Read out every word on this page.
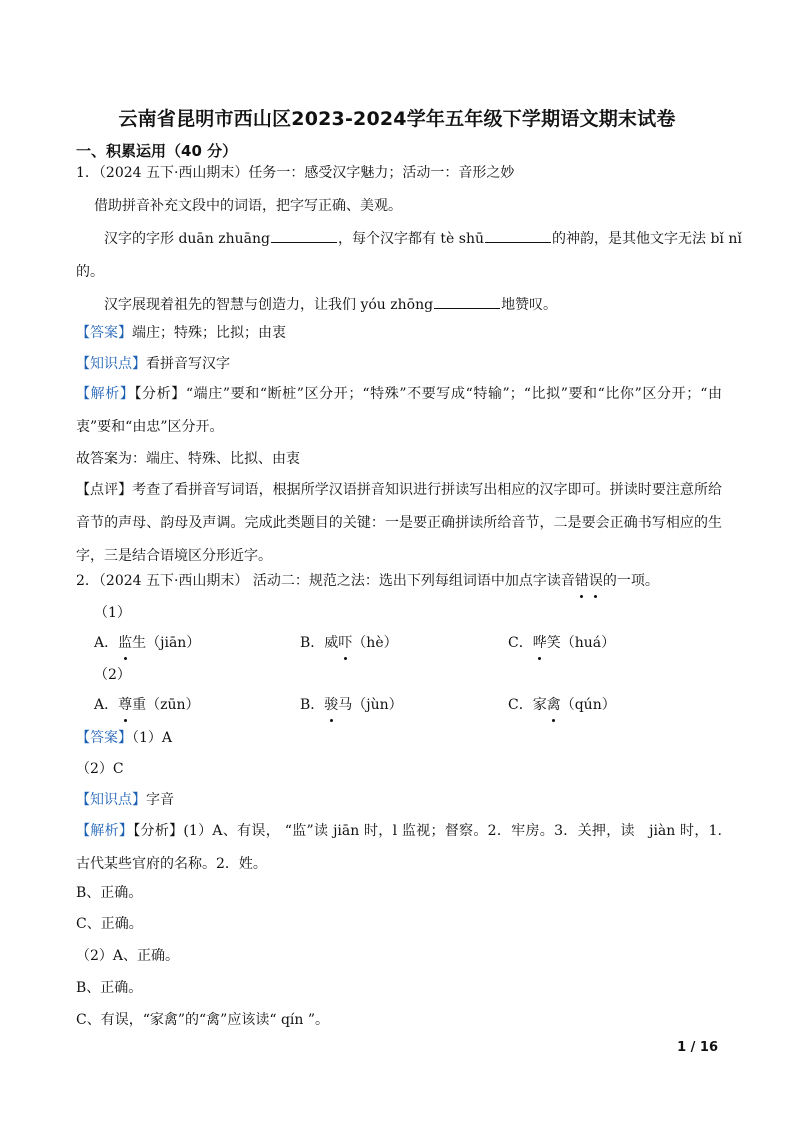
云南省昆明市西山区2023-2024学年五年级下学期语文期末试卷
一、积累运用（40 分）
1．（2024 五下·西山期末）任务一：感受汉字魅力；活动一：音形之妙
借助拼音补充文段中的词语，把字写正确、美观。
汉字的字形 duān zhuāng	，每个汉字都有 tè shū	的神韵，是其他文字无法 bǐ nǐ
的。
汉字展现着祖先的智慧与创造力，让我们 yóu zhōng	地赞叹。
【答案】端庄；特殊；比拟；由衷
【知识点】看拼音写汉字
【解析】【分析】“端庄”要和“断桩”区分开；“特殊”不要写成“特输”；“比拟”要和“比你”区分开；“由衷”要和“由忠”区分开。
故答案为：端庄、特殊、比拟、由衷
【点评】考查了看拼音写词语，根据所学汉语拼音知识进行拼读写出相应的汉字即可。拼读时要注意所给音节的声母、韵母及声调。完成此类题目的关键：一是要正确拼读所给音节，二是要会正确书写相应的生字，三是结合语境区分形近字。
2．（2024 五下·西山期末） 活动二：规范之法：选出下列每组词语中加点字读音错误的一项。
（1）
A．监生（jiān）	B．威吓（hè）	C．哗笑（huá）
（2）
A．尊重（zūn）	B．骏马（jùn）	C．家禽（qún）
【答案】（1）A
（2）C
【知识点】字音
【解析】【分析】(1）A、有误， “监”读 jiān 时，l 监视；督察。2．牢房。3．关押，读　jiàn 时，1. 古代某些官府的名称。2．姓。
B、正确。
C、正确。
（2）A、正确。
B、正确。
C、有误，“家禽”的“禽”应该读“ qín ”。
1 / 16
